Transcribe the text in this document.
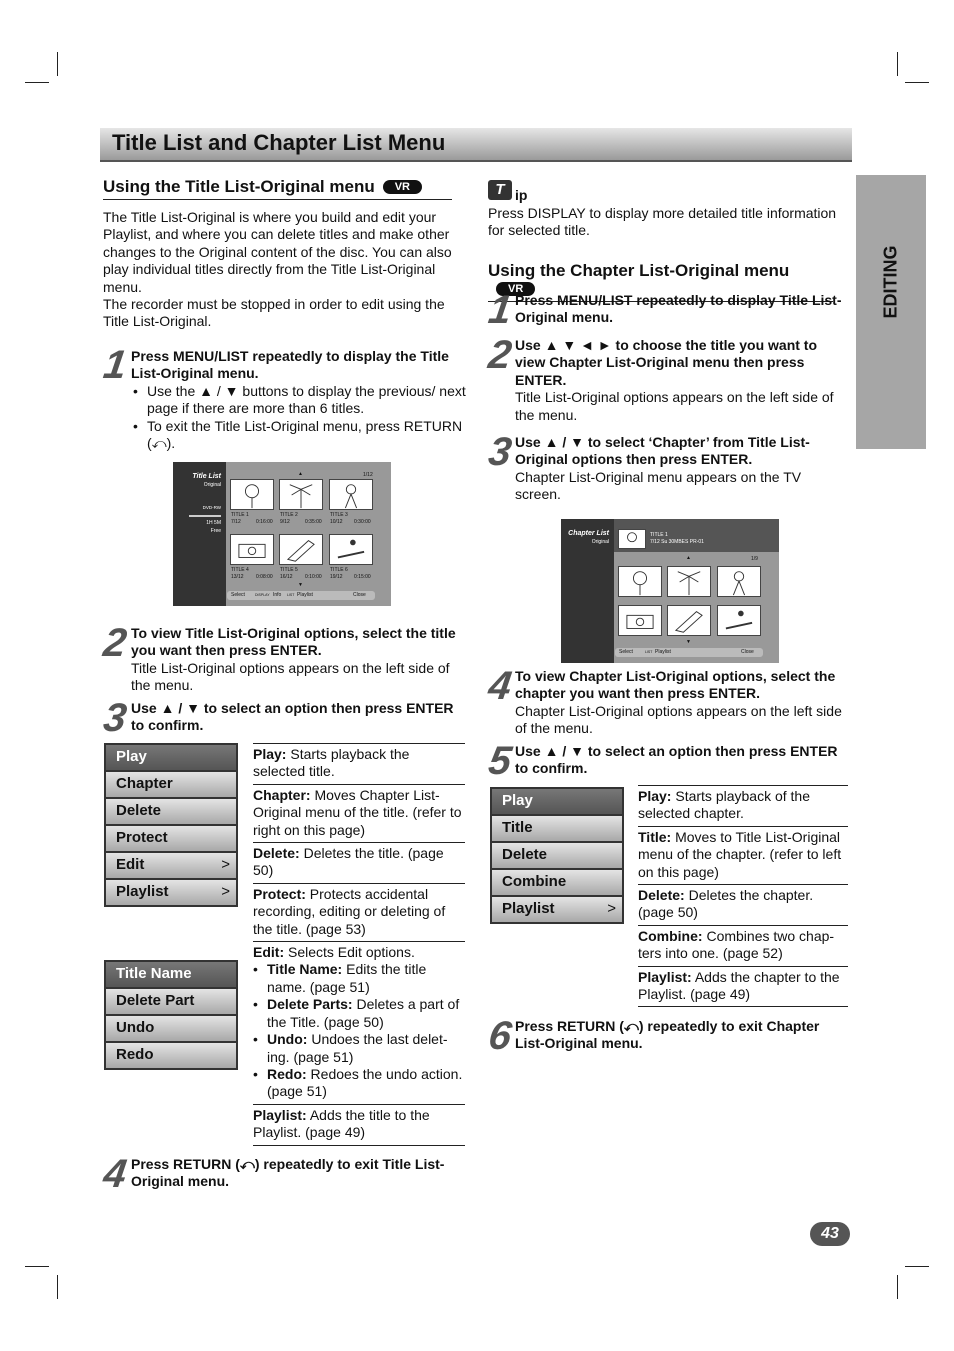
Title List and Chapter List Menu
EDITING
Using the Title List-Original menu VR

The Title List-Original is where you build and edit your Playlist, and where you can delete titles and make other changes to the Original content of the disc. You can also play individual titles directly from the Title List-Original menu.

The recorder must be stopped in order to edit using the Title List-Original.

1 Press MENU/LIST repeatedly to display the Title List-Original menu.
• Use the ▲ / ▼ buttons to display the previous/ next page if there are more than 6 titles.
• To exit the Title List-Original menu, press RETURN (⤺).
Title List
Original
DVD-RW
1H 5M
Free
1/12
▲
▼
TITLE 1
7/12	0:16:00
TITLE 2
9/12	0:35:00
TITLE 3
10/12 0:30:00
TITLE 4
13/12 0:08:00
TITLE 5
16/12 0:10:00
TITLE 6
19/12 0:15:00
Select	DISPLAY Info LIST Playlist	Close
2 To view Title List-Original options, select the title you want then press ENTER.

Title List-Original options appears on the left side of the menu.

3 Use ▲ / ▼ to select an option then press ENTER to confirm.
Play
Chapter
Delete
Protect
Edit	>
Playlist	>
Title Name
Delete Part
Undo
Redo
Play: Starts playback the selected title.
Chapter: Moves Chapter List-Original menu of the title. (refer to right on this page)
Delete: Deletes the title. (page 50)
Protect: Protects accidental recording, editing or deleting of the title. (page 53)
Edit: Selects Edit options.
• Title Name: Edits the title name. (page 51)
• Delete Parts: Deletes a part of the Title. (page 50)
• Undo: Undoes the last delet- ing. (page 51)
• Redo: Redoes the undo action. (page 51)
Playlist: Adds the title to the Playlist. (page 49)
4 Press RETURN (⤺) repeatedly to exit Title List-Original menu.
T ip
Press DISPLAY to display more detailed title information for selected title.
Using the Chapter List-Original menuVR
1 Press MENU/LIST repeatedly to display Title List-Original menu.
2 Use ▲ ▼ ◄ ► to choose the title you want to view Chapter List-Original menu then press ENTER.

Title List-Original options appears on the left side of the menu.

3 Use ▲ / ▼ to select ‘Chapter’ from Title List-Original options then press ENTER.

Chapter List-Original menu appears on the TV screen.

Chapter List
Original
TITLE 1
7/12 Su 30MBES PR-01
1/9
▲
▼
Select	LIST Playlist	Close
4 To view Chapter List-Original options, select the chapter you want then press ENTER.

Chapter List-Original options appears on the left side of the menu.

5 Use ▲ / ▼ to select an option then press ENTER to confirm.
Play
Title
Delete
Combine
Playlist	>
Play: Starts playback of the selected chapter.
Title: Moves to Title List-Original menu of the chapter. (refer to left on this page)
Delete: Deletes the chapter. (page 50)
Combine: Combines two chap- ters into one. (page 52)
Playlist: Adds the chapter to the Playlist. (page 49)
6 Press RETURN (⤺) repeatedly to exit Chapter List-Original menu.
43
